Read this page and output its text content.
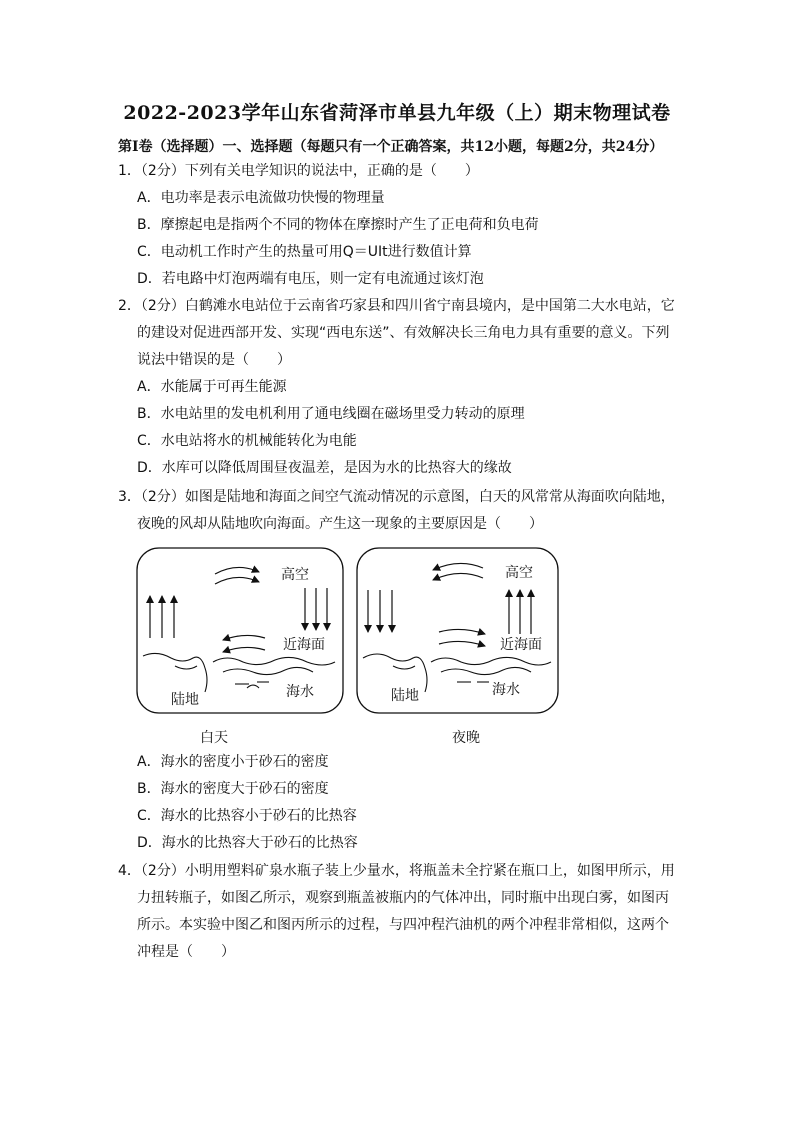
2022-2023学年山东省菏泽市单县九年级（上）期末物理试卷
第Ⅰ卷（选择题）一、选择题（每题只有一个正确答案，共12小题，每题2分，共24分）
1．（2分）下列有关电学知识的说法中，正确的是（　　）
A．电功率是表示电流做功快慢的物理量
B．摩擦起电是指两个不同的物体在摩擦时产生了正电荷和负电荷
C．电动机工作时产生的热量可用Q＝UIt进行数值计算
D．若电路中灯泡两端有电压，则一定有电流通过该灯泡
2．（2分）白鹤滩水电站位于云南省巧家县和四川省宁南县境内，是中国第二大水电站，它
的建设对促进西部开发、实现“西电东送”、有效解决长三角电力具有重要的意义。下列
说法中错误的是（　　）
A．水能属于可再生能源
B．水电站里的发电机利用了通电线圈在磁场里受力转动的原理
C．水电站将水的机械能转化为电能
D．水库可以降低周围昼夜温差，是因为水的比热容大的缘故
3．（2分）如图是陆地和海面之间空气流动情况的示意图，白天的风常常从海面吹向陆地，
夜晚的风却从陆地吹向海面。产生这一现象的主要原因是（　　）
高空
近海面
陆地	海水
白天
高空
近海面
陆地	海水
夜晚
A．海水的密度小于砂石的密度
B．海水的密度大于砂石的密度
C．海水的比热容小于砂石的比热容
D．海水的比热容大于砂石的比热容
4．（2分）小明用塑料矿泉水瓶子装上少量水，将瓶盖未全拧紧在瓶口上，如图甲所示，用
力扭转瓶子，如图乙所示，观察到瓶盖被瓶内的气体冲出，同时瓶中出现白雾，如图丙
所示。本实验中图乙和图丙所示的过程，与四冲程汽油机的两个冲程非常相似，这两个
冲程是（　　）
